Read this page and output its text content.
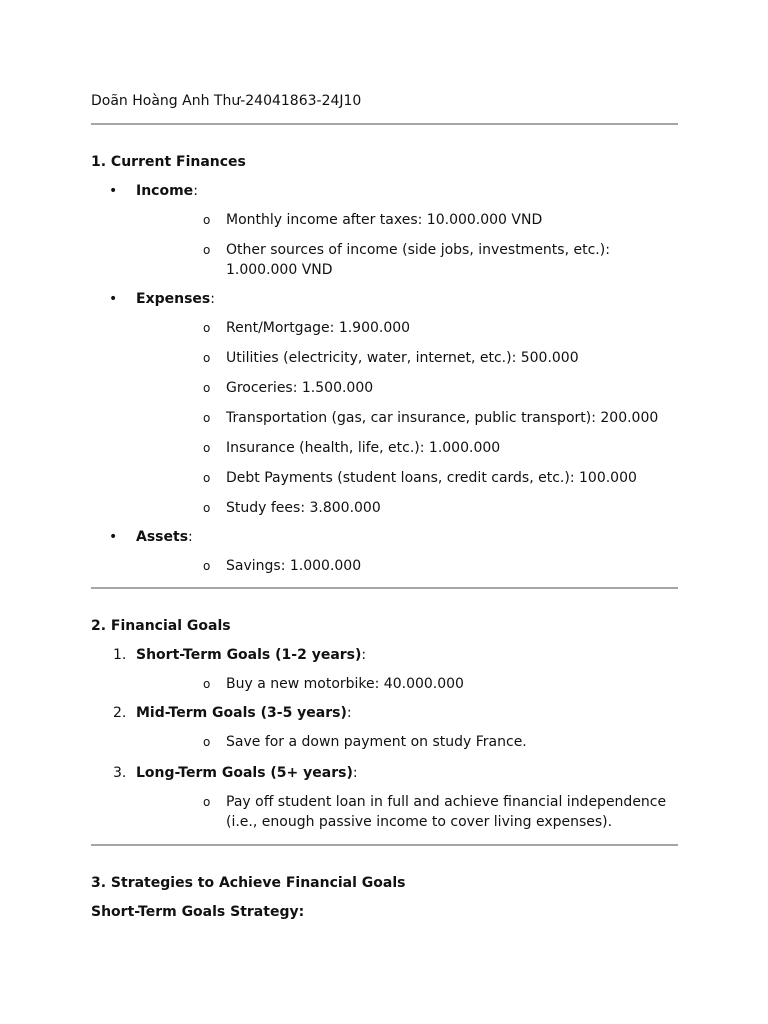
Doãn Hoàng Anh Thư-24041863-24J10

1. Current Finances
• Income:
o Monthly income after taxes: 10.000.000 VND
o Other sources of income (side jobs, investments, etc.): 1.000.000 VND
• Expenses:
o Rent/Mortgage: 1.900.000
o Utilities (electricity, water, internet, etc.): 500.000
o Groceries: 1.500.000
o Transportation (gas, car insurance, public transport): 200.000
o Insurance (health, life, etc.): 1.000.000
o Debt Payments (student loans, credit cards, etc.): 100.000
o Study fees: 3.800.000
• Assets:
o Savings: 1.000.000
2. Financial Goals
1. Short-Term Goals (1-2 years):
o Buy a new motorbike: 40.000.000
2. Mid-Term Goals (3-5 years):
o Save for a down payment on study France.
3. Long-Term Goals (5+ years):
o Pay off student loan in full and achieve financial independence (i.e., enough passive income to cover living expenses).
3. Strategies to Achieve Financial Goals

Short-Term Goals Strategy:
